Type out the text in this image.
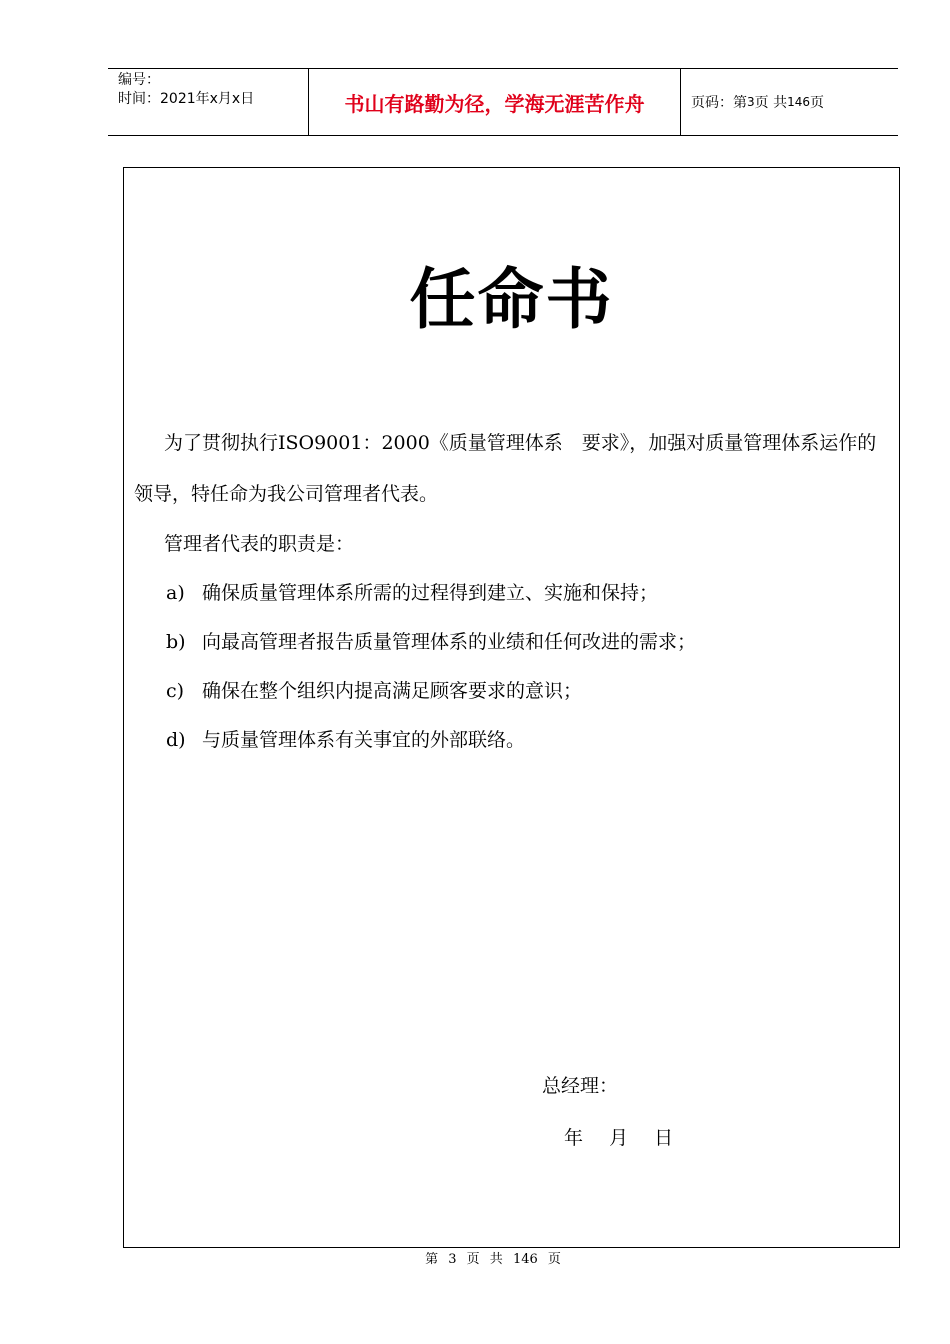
编号：
时间：2021年x月x日	书山有路勤为径，学海无涯苦作舟	页码：第 3 页 共 146 页
任命书

为了贯彻执行ISO9001：2000《质量管理体系　要求》，加强对质量管理体系运作的领导，特任命为我公司管理者代表。

管理者代表的职责是：

a) 确保质量管理体系所需的过程得到建立、实施和保持；
b) 向最高管理者报告质量管理体系的业绩和任何改进的需求；
c) 确保在整个组织内提高满足顾客要求的意识；
d) 与质量管理体系有关事宜的外部联络。
总经理：
年 月 日
第 3 页 共 146 页
